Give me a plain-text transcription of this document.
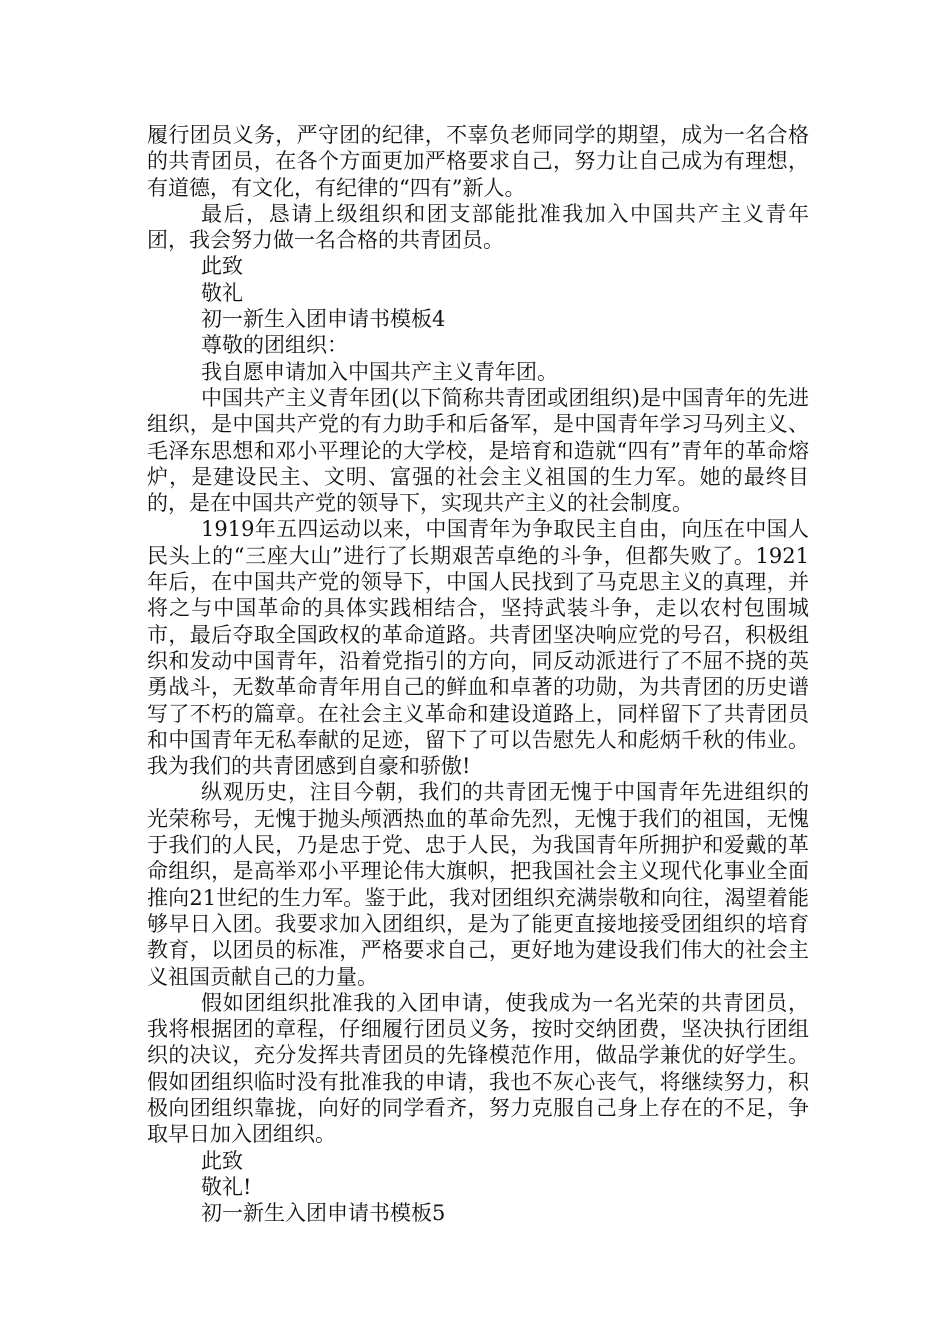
履行团员义务，严守团的纪律，不辜负老师同学的期望，成为一名合格的共青团员，在各个方面更加严格要求自己，努力让自己成为有理想，有道德，有文化，有纪律的“四有”新人。

最后，恳请上级组织和团支部能批准我加入中国共产主义青年团，我会努力做一名合格的共青团员。

此致

敬礼

初一新生入团申请书模板4

尊敬的团组织：

我自愿申请加入中国共产主义青年团。

中国共产主义青年团(以下简称共青团或团组织)是中国青年的先进组织，是中国共产党的有力助手和后备军，是中国青年学习马列主义、毛泽东思想和邓小平理论的大学校，是培育和造就“四有”青年的革命熔炉，是建设民主、文明、富强的社会主义祖国的生力军。她的最终目的，是在中国共产党的领导下，实现共产主义的社会制度。

1919年五四运动以来，中国青年为争取民主自由，向压在中国人民头上的“三座大山”进行了长期艰苦卓绝的斗争，但都失败了。1921年后，在中国共产党的领导下，中国人民找到了马克思主义的真理，并将之与中国革命的具体实践相结合，坚持武装斗争，走以农村包围城市，最后夺取全国政权的革命道路。共青团坚决响应党的号召，积极组织和发动中国青年，沿着党指引的方向，同反动派进行了不屈不挠的英勇战斗，无数革命青年用自己的鲜血和卓著的功勋，为共青团的历史谱写了不朽的篇章。在社会主义革命和建设道路上，同样留下了共青团员和中国青年无私奉献的足迹，留下了可以告慰先人和彪炳千秋的伟业。我为我们的共青团感到自豪和骄傲!

纵观历史，注目今朝，我们的共青团无愧于中国青年先进组织的光荣称号，无愧于抛头颅洒热血的革命先烈，无愧于我们的祖国，无愧于我们的人民，乃是忠于党、忠于人民，为我国青年所拥护和爱戴的革命组织，是高举邓小平理论伟大旗帜，把我国社会主义现代化事业全面推向21世纪的生力军。鉴于此，我对团组织充满崇敬和向往，渴望着能够早日入团。我要求加入团组织，是为了能更直接地接受团组织的培育教育，以团员的标准，严格要求自己，更好地为建设我们伟大的社会主义祖国贡献自己的力量。

假如团组织批准我的入团申请，使我成为一名光荣的共青团员，我将根据团的章程，仔细履行团员义务，按时交纳团费，坚决执行团组织的决议，充分发挥共青团员的先锋模范作用，做品学兼优的好学生。假如团组织临时没有批准我的申请，我也不灰心丧气，将继续努力，积极向团组织靠拢，向好的同学看齐，努力克服自己身上存在的不足，争取早日加入团组织。

此致

敬礼!

初一新生入团申请书模板5
